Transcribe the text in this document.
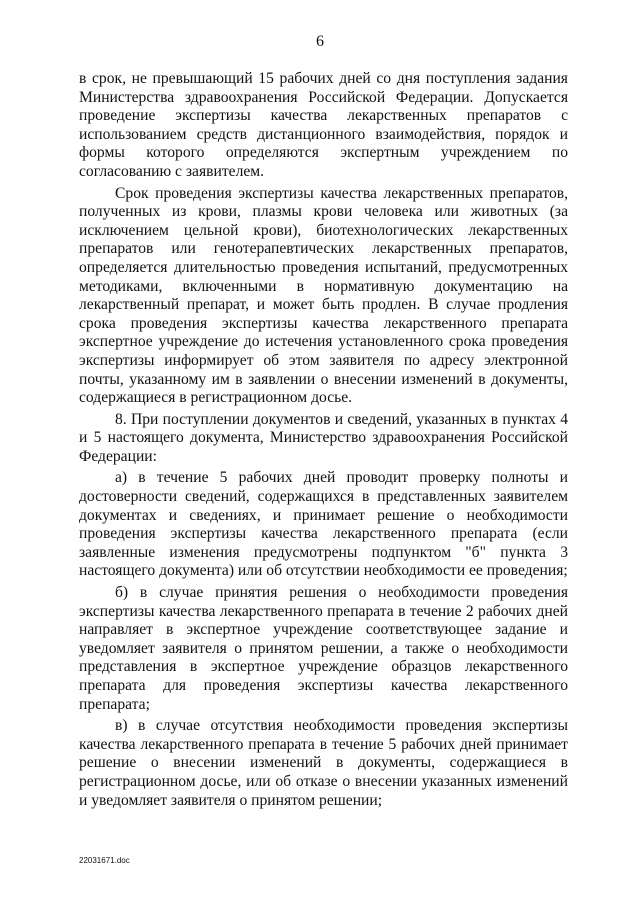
6

в срок, не превышающий 15 рабочих дней со дня поступления задания Министерства здравоохранения Российской Федерации. Допускается проведение экспертизы качества лекарственных препаратов с использованием средств дистанционного взаимодействия, порядок и формы которого определяются экспертным учреждением по согласованию с заявителем.

Срок проведения экспертизы качества лекарственных препаратов, полученных из крови, плазмы крови человека или животных (за исключением цельной крови), биотехнологических лекарственных препаратов или генотерапевтических лекарственных препаратов, определяется длительностью проведения испытаний, предусмотренных методиками, включенными в нормативную документацию на лекарственный препарат, и может быть продлен. В случае продления срока проведения экспертизы качества лекарственного препарата экспертное учреждение до истечения установленного срока проведения экспертизы информирует об этом заявителя по адресу электронной почты, указанному им в заявлении о внесении изменений в документы, содержащиеся в регистрационном досье.

8. При поступлении документов и сведений, указанных в пунктах 4 и 5 настоящего документа, Министерство здравоохранения Российской Федерации:

а) в течение 5 рабочих дней проводит проверку полноты и достоверности сведений, содержащихся в представленных заявителем документах и сведениях, и принимает решение о необходимости проведения экспертизы качества лекарственного препарата (если заявленные изменения предусмотрены подпунктом "б" пункта 3 настоящего документа) или об отсутствии необходимости ее проведения;

б) в случае принятия решения о необходимости проведения экспертизы качества лекарственного препарата в течение 2 рабочих дней направляет в экспертное учреждение соответствующее задание и уведомляет заявителя о принятом решении, а также о необходимости представления в экспертное учреждение образцов лекарственного препарата для проведения экспертизы качества лекарственного препарата;

в) в случае отсутствия необходимости проведения экспертизы качества лекарственного препарата в течение 5 рабочих дней принимает решение о внесении изменений в документы, содержащиеся в регистрационном досье, или об отказе о внесении указанных изменений и уведомляет заявителя о принятом решении;

22031671.doc
